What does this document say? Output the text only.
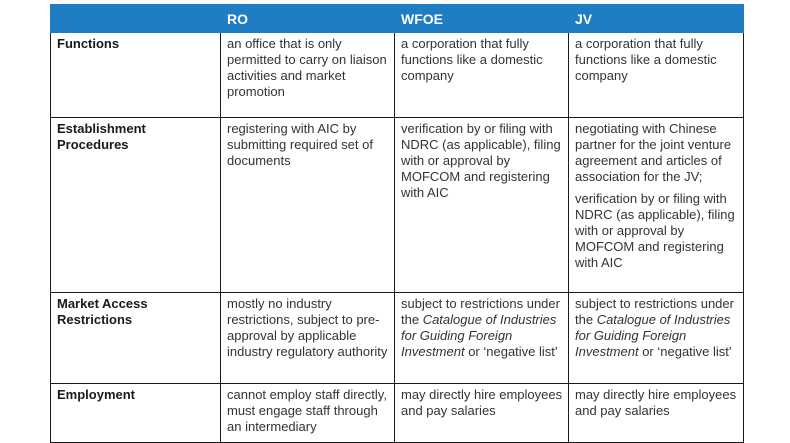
	RO	WFOE	JV
Functions	an office that is only permitted to carry on liaison activities and market promotion	a corporation that fully functions like a domestic company	a corporation that fully functions like a domestic company
Establishment Procedures	registering with AIC by submitting required set of documents	verification by or filing with NDRC (as applicable), filing with or approval by MOFCOM and registering with AIC	negotiating with Chinese partner for the joint venture agreement and articles of association for the JV;

verification by or filing with NDRC (as applicable), filing with or approval by MOFCOM and registering with AIC

Market Access Restrictions	mostly no industry restrictions, subject to pre-approval by applicable industry regulatory authority	subject to restrictions under the Catalogue of Industries for Guiding Foreign Investment or ‘negative list’	subject to restrictions under the Catalogue of Industries for Guiding Foreign Investment or ‘negative list’
Employment	cannot employ staff directly, must engage staff through an intermediary	may directly hire employees and pay salaries	may directly hire employees and pay salaries
